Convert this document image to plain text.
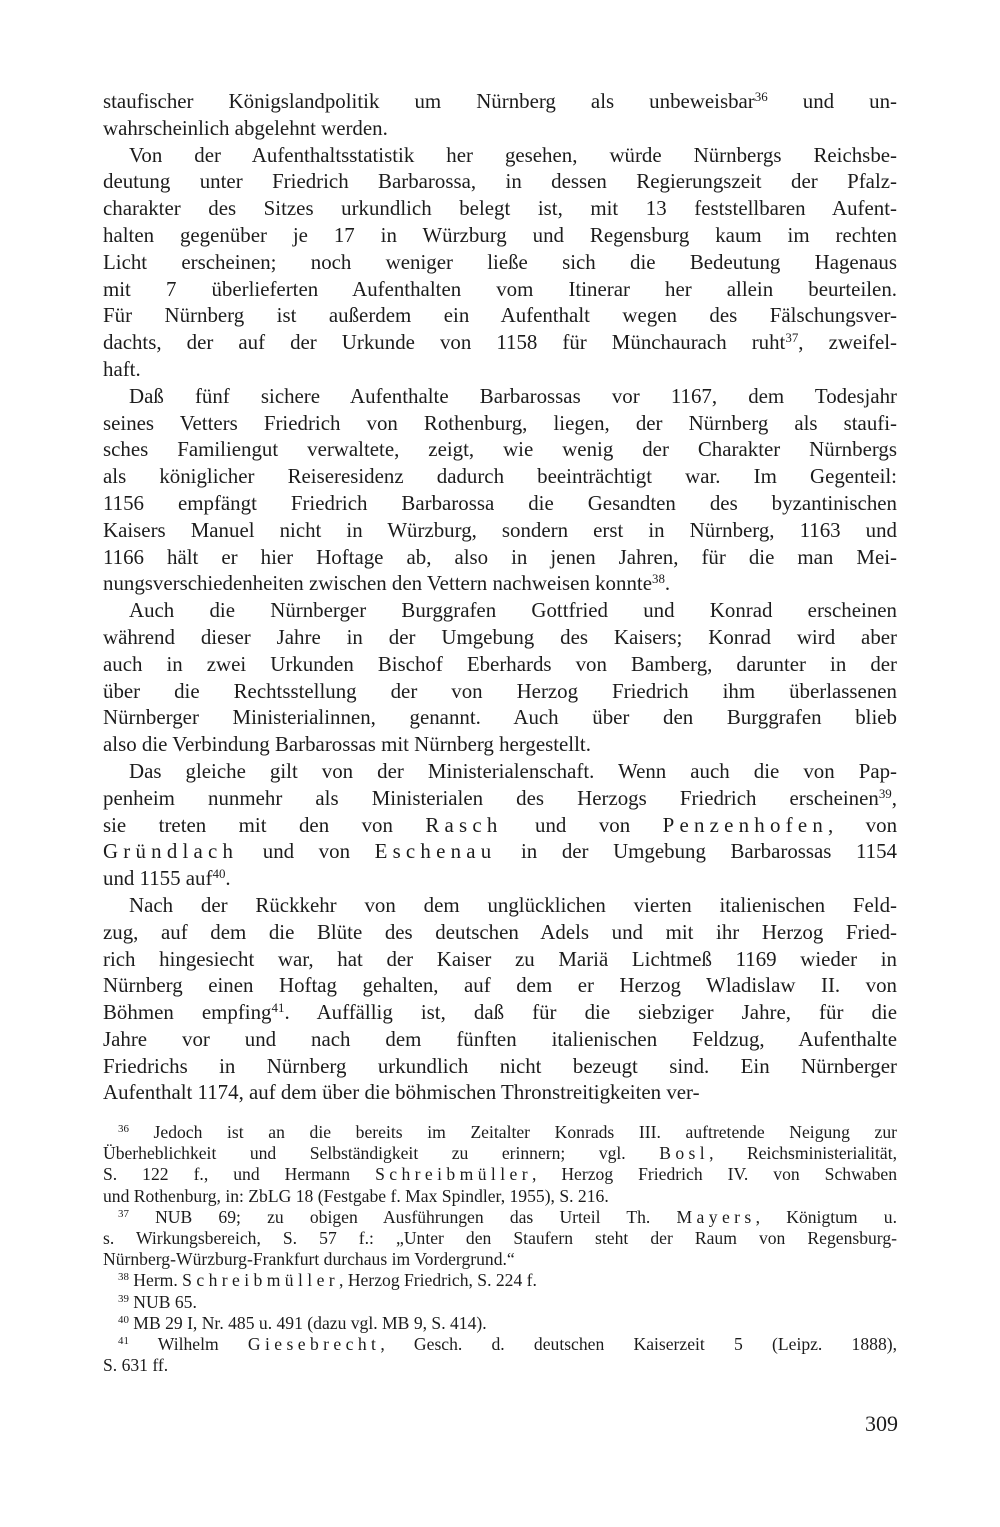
staufischer Königslandpolitik um Nürnberg als unbeweisbar$^{36}$ und un-
wahrscheinlich abgelehnt werden.

Von der Aufenthaltsstatistik her gesehen, würde Nürnbergs Reichsbe-
deutung unter Friedrich Barbarossa, in dessen Regierungszeit der Pfalz-
charakter des Sitzes urkundlich belegt ist, mit 13 feststellbaren Aufent-
halten gegenüber je 17 in Würzburg und Regensburg kaum im rechten
Licht erscheinen; noch weniger ließe sich die Bedeutung Hagenaus
mit 7 überlieferten Aufenthalten vom Itinerar her allein beurteilen.
Für Nürnberg ist außerdem ein Aufenthalt wegen des Fälschungsver-
dachts, der auf der Urkunde von 1158 für Münchaurach ruht$^{37}$, zweifel-
haft.

Daß fünf sichere Aufenthalte Barbarossas vor 1167, dem Todesjahr
seines Vetters Friedrich von Rothenburg, liegen, der Nürnberg als staufi-
sches Familiengut verwaltete, zeigt, wie wenig der Charakter Nürnbergs
als königlicher Reiseresidenz dadurch beeinträchtigt war. Im Gegenteil:
1156 empfängt Friedrich Barbarossa die Gesandten des byzantinischen
Kaisers Manuel nicht in Würzburg, sondern erst in Nürnberg, 1163 und
1166 hält er hier Hoftage ab, also in jenen Jahren, für die man Mei-
nungsverschiedenheiten zwischen den Vettern nachweisen konnte$^{38}$.

Auch die Nürnberger Burggrafen Gottfried und Konrad erscheinen
während dieser Jahre in der Umgebung des Kaisers; Konrad wird aber
auch in zwei Urkunden Bischof Eberhards von Bamberg, darunter in der
über die Rechtsstellung der von Herzog Friedrich ihm überlassenen
Nürnberger Ministerialinnen, genannt. Auch über den Burggrafen blieb
also die Verbindung Barbarossas mit Nürnberg hergestellt.

Das gleiche gilt von der Ministerialenschaft. Wenn auch die von Pap-
penheim nunmehr als Ministerialen des Herzogs Friedrich erscheinen$^{39}$,
sie treten mit den von Rasch und von Penzenhofen, von
Gründlach und von Eschenau in der Umgebung Barbarossas 1154
und 1155 auf$^{40}$.

Nach der Rückkehr von dem unglücklichen vierten italienischen Feld-
zug, auf dem die Blüte des deutschen Adels und mit ihr Herzog Fried-
rich hingesiecht war, hat der Kaiser zu Mariä Lichtmeß 1169 wieder in
Nürnberg einen Hoftag gehalten, auf dem er Herzog Wladislaw II. von
Böhmen empfing$^{41}$. Auffällig ist, daß für die siebziger Jahre, für die
Jahre vor und nach dem fünften italienischen Feldzug, Aufenthalte
Friedrichs in Nürnberg urkundlich nicht bezeugt sind. Ein Nürnberger
Aufenthalt 1174, auf dem über die böhmischen Thronstreitigkeiten ver-

$^{36}$ Jedoch ist an die bereits im Zeitalter Konrads III. auftretende Neigung zur
Überheblichkeit und Selbständigkeit zu erinnern; vgl. Bosl, Reichsministerialität,
S. 122 f., und Hermann Schreibmüller, Herzog Friedrich IV. von Schwaben
und Rothenburg, in: ZbLG 18 (Festgabe f. Max Spindler, 1955), S. 216.
$^{37}$ NUB 69; zu obigen Ausführungen das Urteil Th. Mayers, Königtum u.
s. Wirkungsbereich, S. 57 f.: „Unter den Staufern steht der Raum von Regensburg-
Nürnberg-Würzburg-Frankfurt durchaus im Vordergrund.“
$^{38}$ Herm. Schreibmüller, Herzog Friedrich, S. 224 f.
$^{39}$ NUB 65.
$^{40}$ MB 29 I, Nr. 485 u. 491 (dazu vgl. MB 9, S. 414).
$^{41}$ Wilhelm Giesebrecht, Gesch. d. deutschen Kaiserzeit 5 (Leipz. 1888),
S. 631 ff.
309
